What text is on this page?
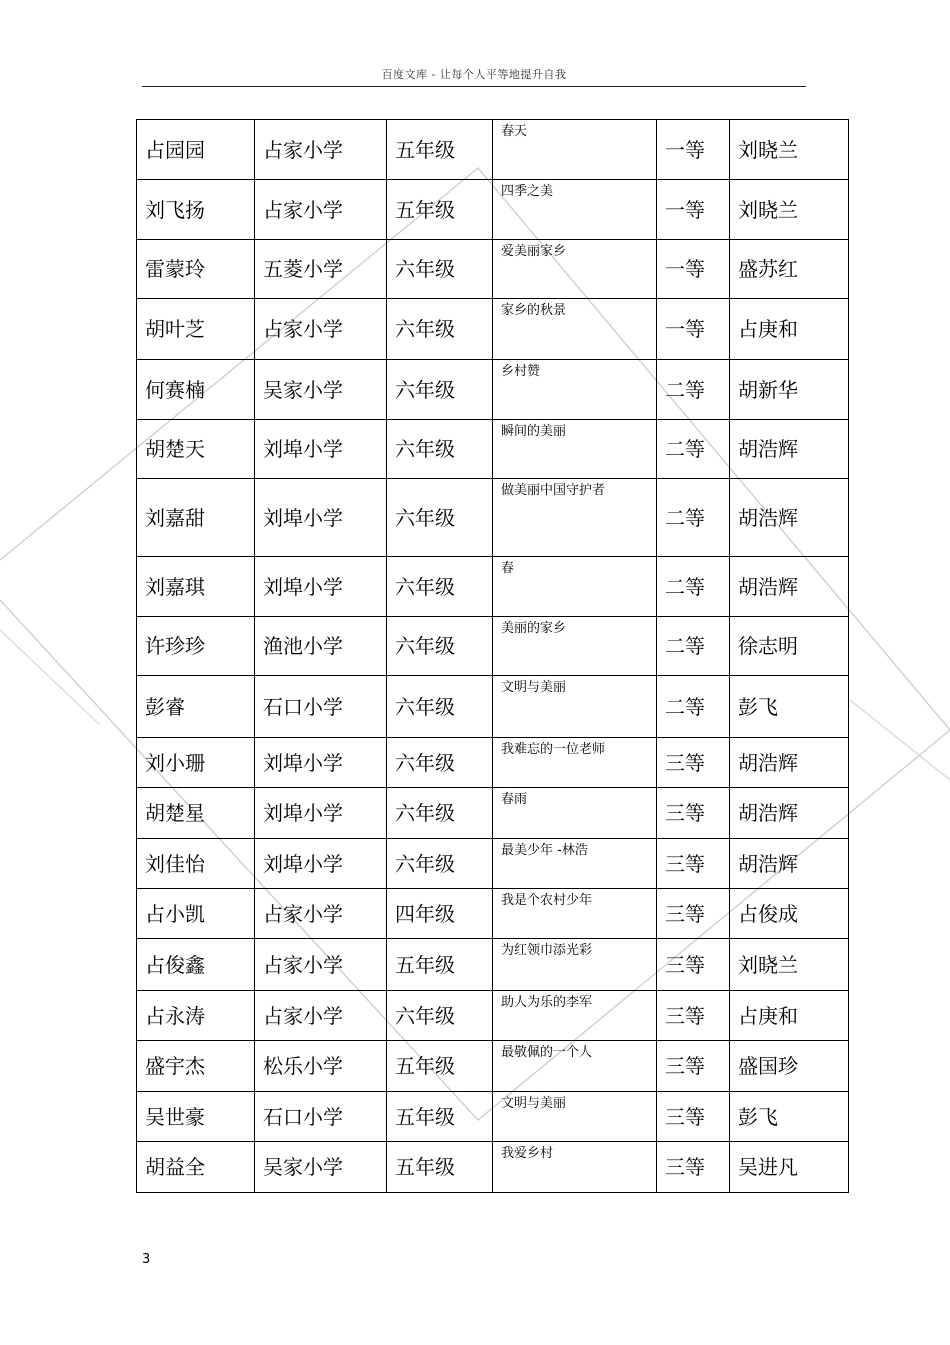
百度文库 - 让每个人平等地提升自我
占园园	占家小学	五年级	春天	一等	刘晓兰
刘飞扬	占家小学	五年级	四季之美	一等	刘晓兰
雷蒙玲	五菱小学	六年级	爱美丽家乡	一等	盛苏红
胡叶芝	占家小学	六年级	家乡的秋景	一等	占庚和
何赛楠	吴家小学	六年级	乡村赞	二等	胡新华
胡楚天	刘埠小学	六年级	瞬间的美丽	二等	胡浩辉
刘嘉甜	刘埠小学	六年级	做美丽中国守护者	二等	胡浩辉
刘嘉琪	刘埠小学	六年级	春	二等	胡浩辉
许珍珍	渔池小学	六年级	美丽的家乡	二等	徐志明
彭睿	石口小学	六年级	文明与美丽	二等	彭飞
刘小珊	刘埠小学	六年级	我难忘的一位老师	三等	胡浩辉
胡楚星	刘埠小学	六年级	春雨	三等	胡浩辉
刘佳怡	刘埠小学	六年级	最美少年 -林浩	三等	胡浩辉
占小凯	占家小学	四年级	我是个农村少年	三等	占俊成
占俊鑫	占家小学	五年级	为红领巾添光彩	三等	刘晓兰
占永涛	占家小学	六年级	助人为乐的李军	三等	占庚和
盛宇杰	松乐小学	五年级	最敬佩的一个人	三等	盛国珍
吴世豪	石口小学	五年级	文明与美丽	三等	彭飞
胡益全	吴家小学	五年级	我爱乡村	三等	吴进凡
3
